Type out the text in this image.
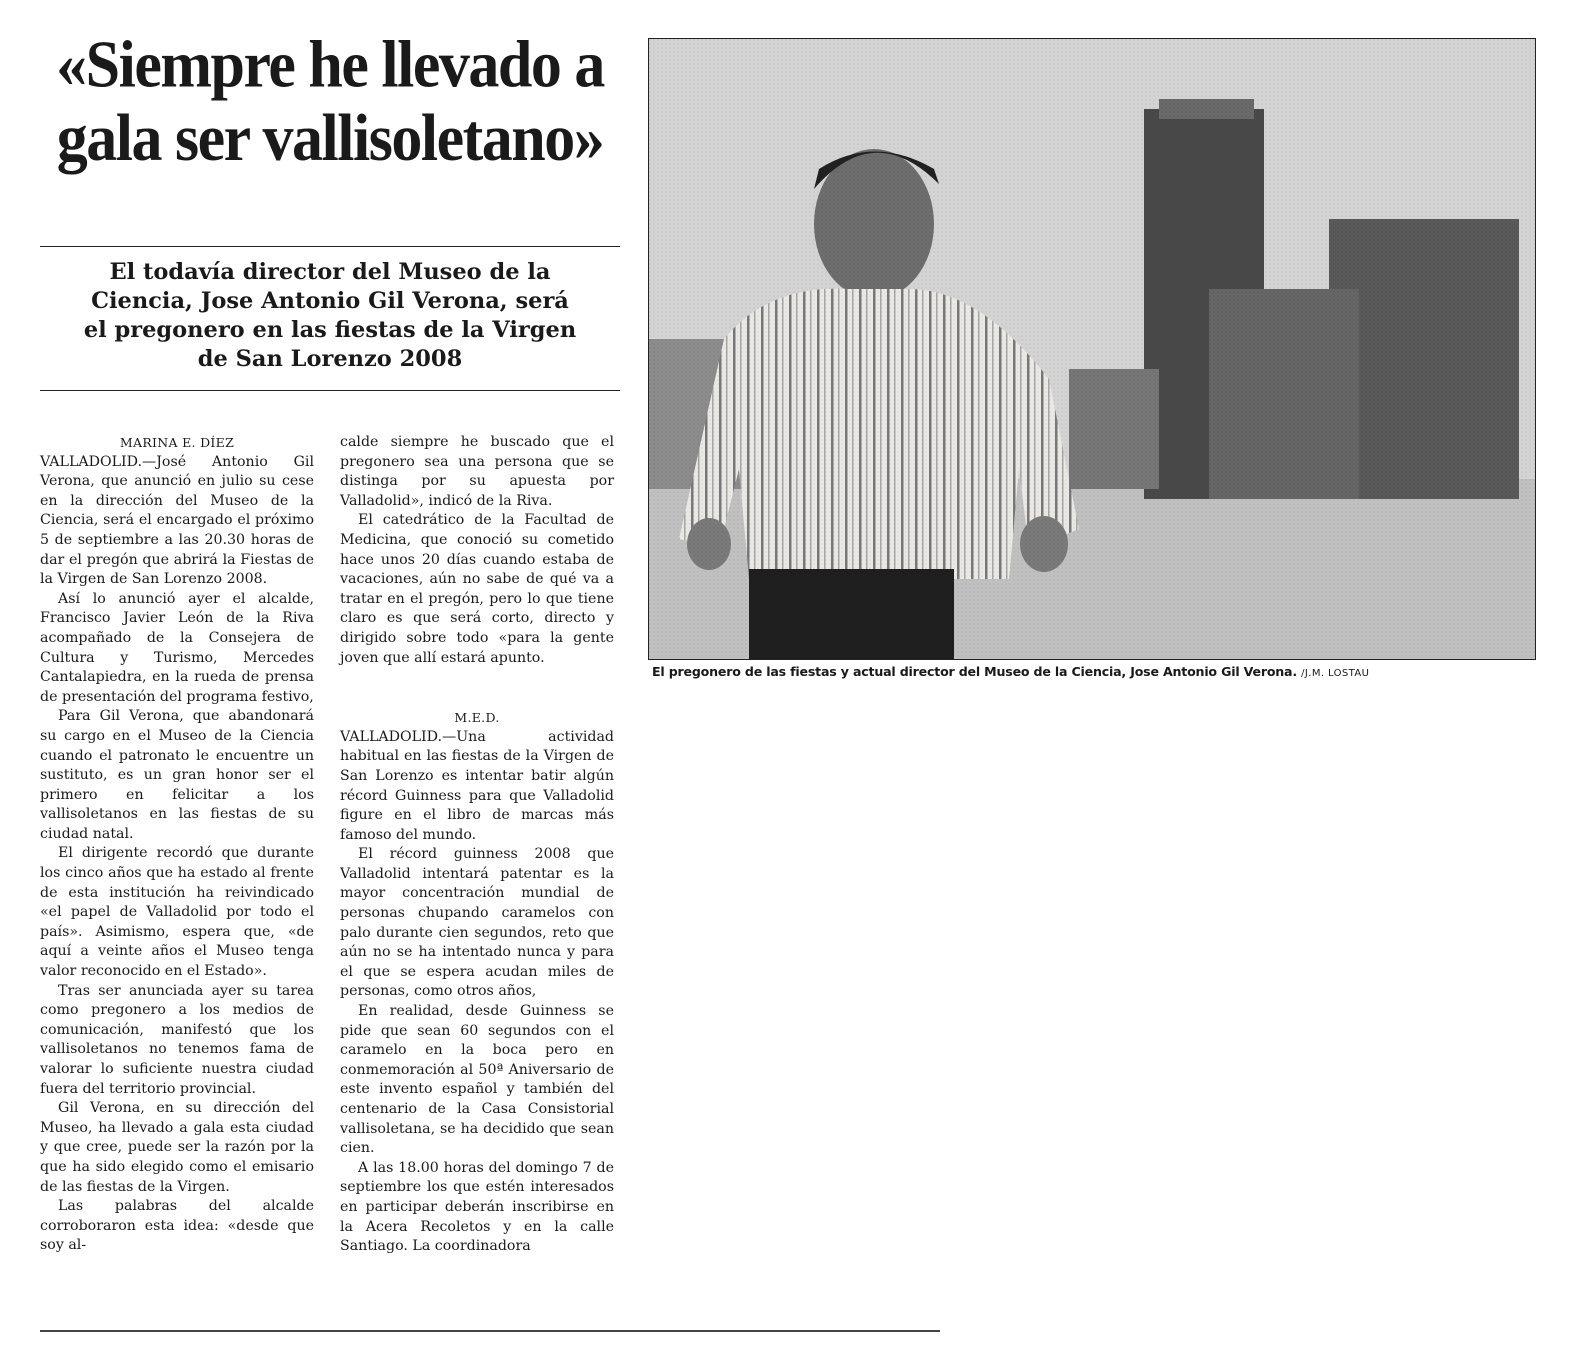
«Siempre he llevado a gala ser vallisoletano»
El todavía director del Museo de la Ciencia, Jose Antonio Gil Verona, será el pregonero en las fiestas de la Virgen de San Lorenzo 2008

MARINA E. DÍEZ

VALLADOLID.—José Antonio Gil Verona, que anunció en julio su cese en la dirección del Museo de la Ciencia, será el encargado el próximo 5 de septiembre a las 20.30 horas de dar el pregón que abrirá la Fiestas de la Virgen de San Lorenzo 2008.

Así lo anunció ayer el alcalde, Francisco Javier León de la Riva acompañado de la Consejera de Cultura y Turismo, Mercedes Cantalapiedra, en la rueda de prensa de presentación del programa festivo,

Para Gil Verona, que abandonará su cargo en el Museo de la Ciencia cuando el patronato le encuentre un sustituto, es un gran honor ser el primero en felicitar a los vallisoletanos en las fiestas de su ciudad natal.

El dirigente recordó que durante los cinco años que ha estado al frente de esta institución ha reivindicado «el papel de Valladolid por todo el país». Asimismo, espera que, «de aquí a veinte años el Museo tenga valor reconocido en el Estado».

Tras ser anunciada ayer su tarea como pregonero a los medios de comunicación, manifestó que los vallisoletanos no tenemos fama de valorar lo suficiente nuestra ciudad fuera del territorio provincial.

Gil Verona, en su dirección del Museo, ha llevado a gala esta ciudad y que cree, puede ser la razón por la que ha sido elegido como el emisario de las fiestas de la Virgen.

Las palabras del alcalde corroboraron esta idea: «desde que soy al-

calde siempre he buscado que el pregonero sea una persona que se distinga por su apuesta por Valladolid», indicó de la Riva.

El catedrático de la Facultad de Medicina, que conoció su cometido hace unos 20 días cuando estaba de vacaciones, aún no sabe de qué va a tratar en el pregón, pero lo que tiene claro es que será corto, directo y dirigido sobre todo «para la gente joven que allí estará apunto.

M.E.D.

VALLADOLID.—Una actividad habitual en las fiestas de la Virgen de San Lorenzo es intentar batir algún récord Guinness para que Valladolid figure en el libro de marcas más famoso del mundo.

El récord guinness 2008 que Valladolid intentará patentar es la mayor concentración mundial de personas chupando caramelos con palo durante cien segundos, reto que aún no se ha intentado nunca y para el que se espera acudan miles de personas, como otros años,

En realidad, desde Guinness se pide que sean 60 segundos con el caramelo en la boca pero en conmemoración al 50ª Aniversario de este invento español y también del centenario de la Casa Consistorial vallisoletana, se ha decidido que sean cien.

A las 18.00 horas del domingo 7 de septiembre los que estén interesados en participar deberán inscribirse en la Acera Recoletos y en la calle Santiago. La coordinadora

El pregonero de las fiestas y actual director del Museo de la Ciencia, Jose Antonio Gil Verona. /J.M. LOSTAU
